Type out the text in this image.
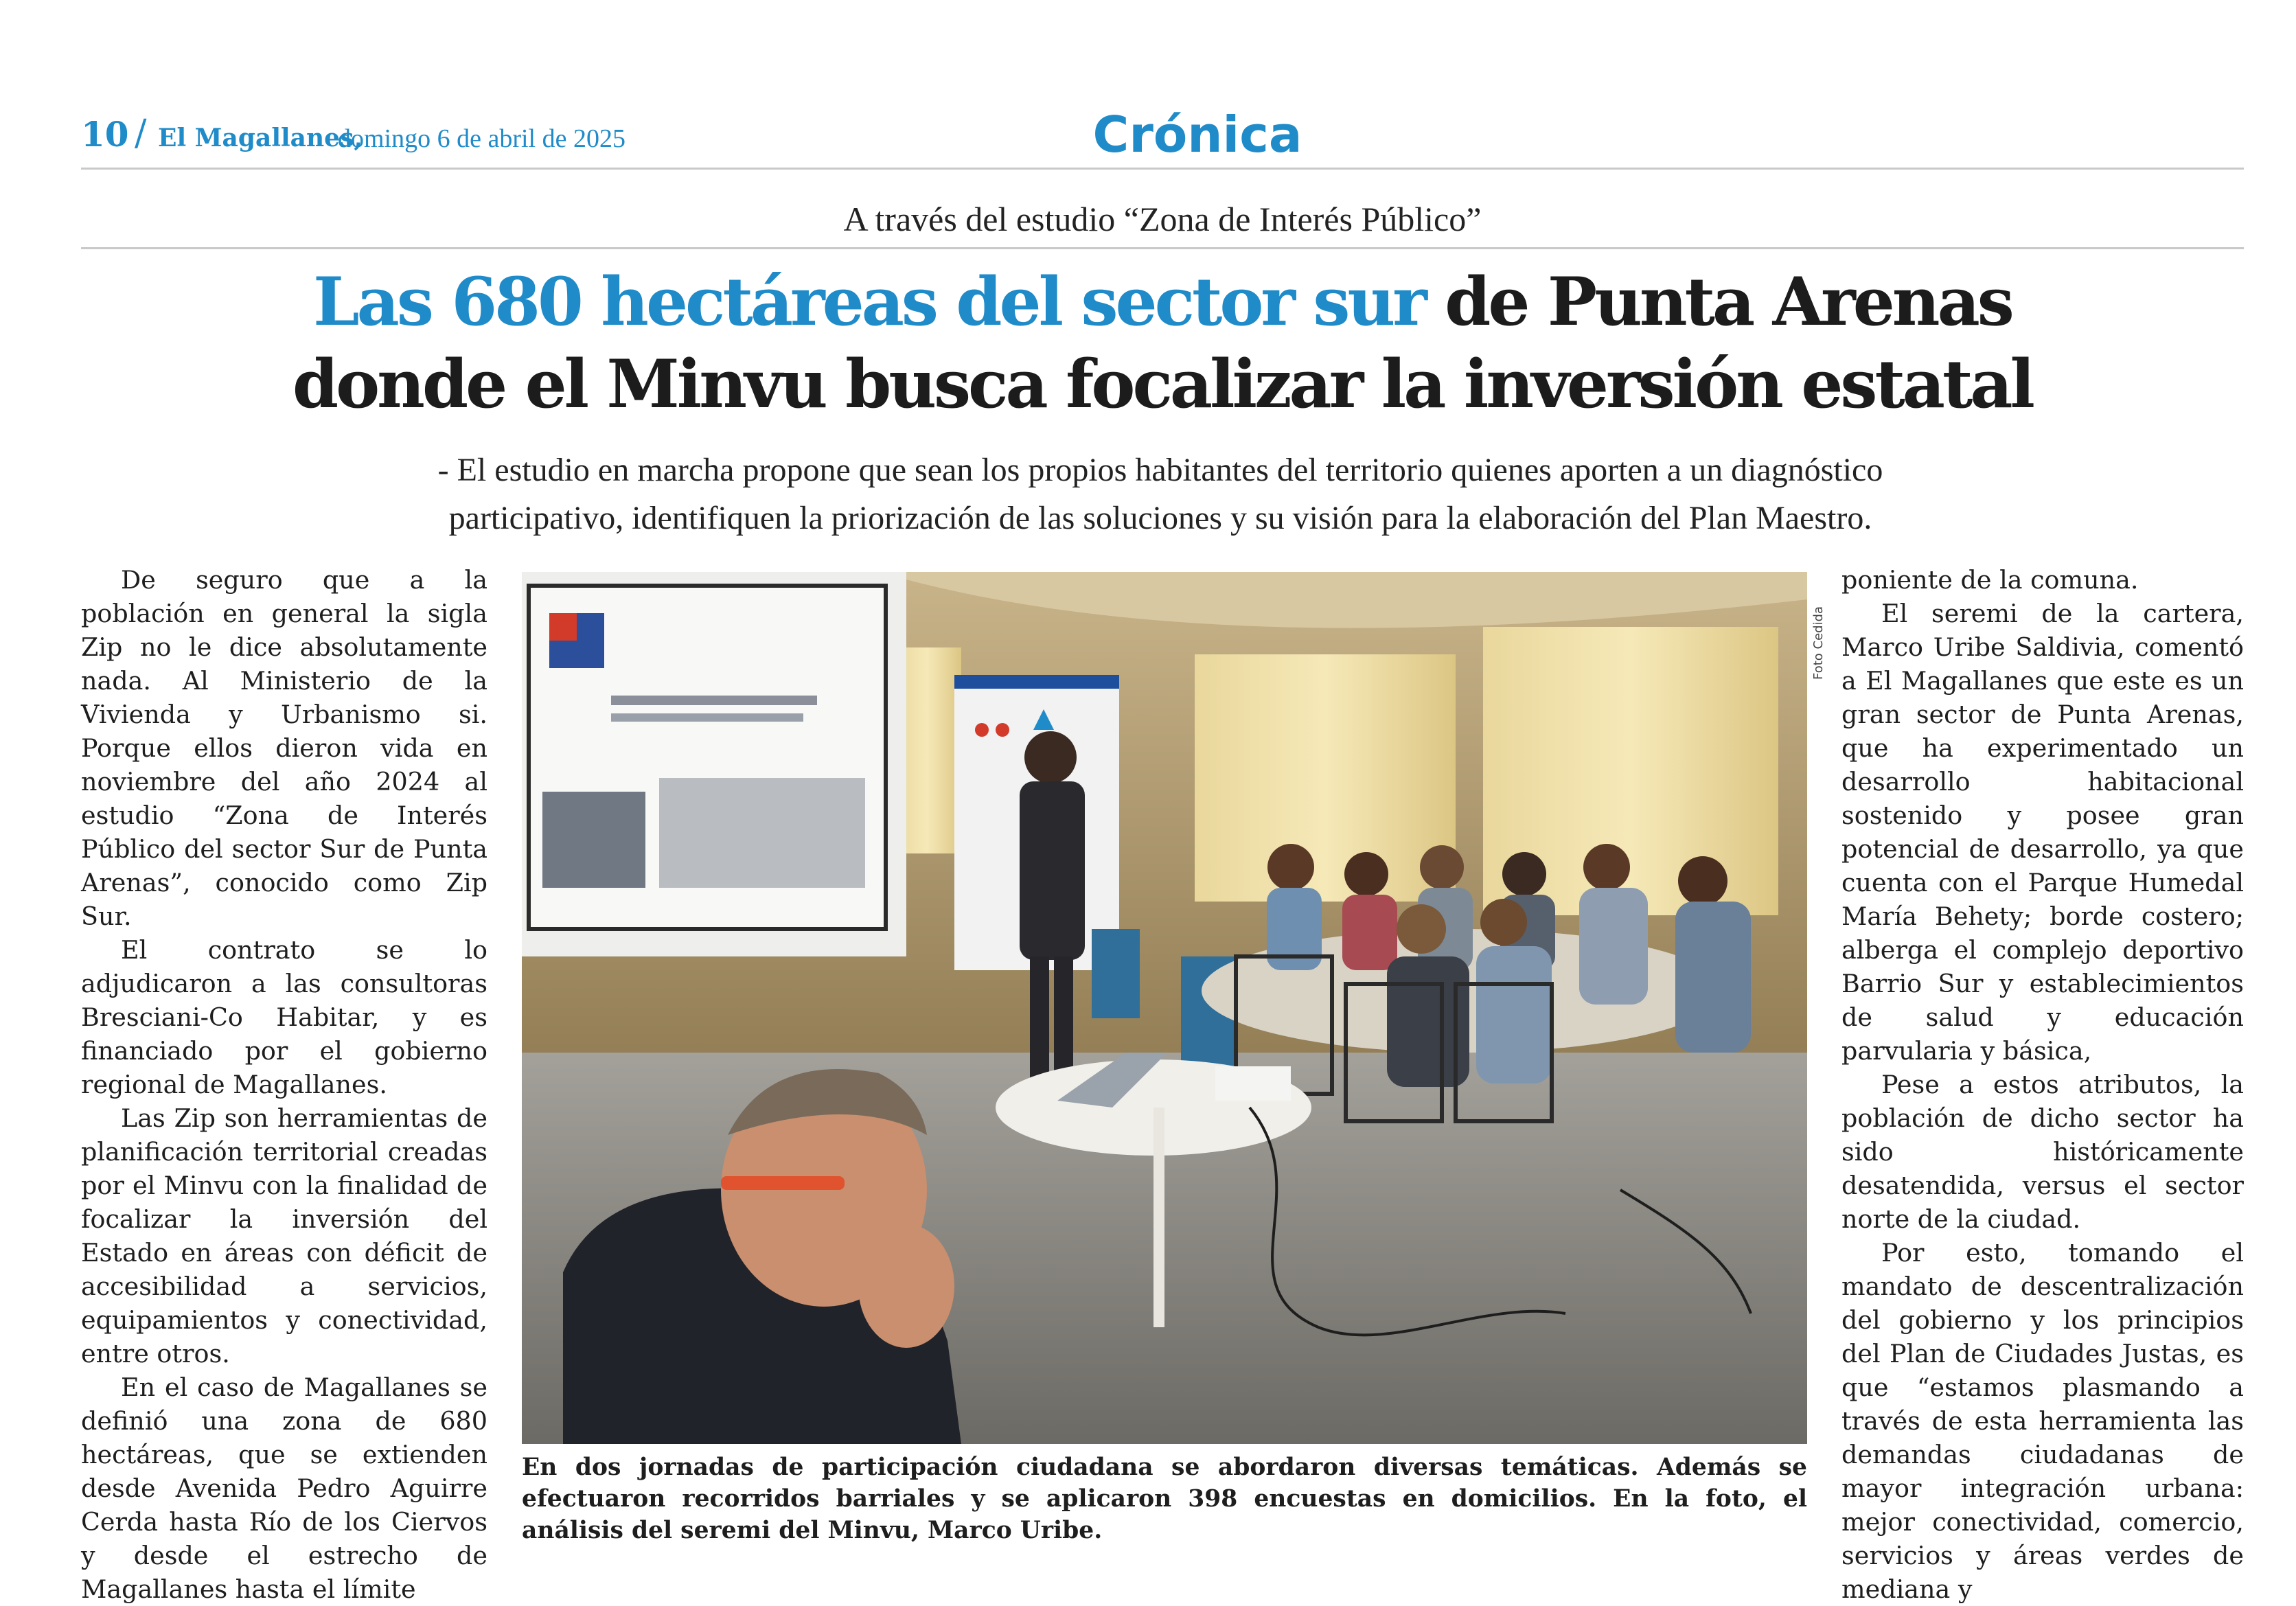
10 / El Magallanes,
domingo 6 de abril de 2025	Crónica
A través del estudio “Zona de Interés Público”
Las 680 hectáreas del sector sur de Punta Arenas
donde el Minvu busca focalizar la inversión estatal
- El estudio en marcha propone que sean los propios habitantes del territorio quienes aporten a un diagnóstico
participativo, identifiquen la priorización de las soluciones y su visión para la elaboración del Plan Maestro.

De seguro que a la población en general la sigla Zip no le dice absolutamente nada. Al Ministerio de la Vivienda y Urbanismo si. Porque ellos dieron vida en noviembre del año 2024 al estudio “Zona de Interés Público del sector Sur de Punta Arenas”, conocido como Zip Sur.

El contrato se lo adjudicaron a las consultoras Bresciani-Co Habitar, y es financiado por el gobierno regional de Magallanes.

Las Zip son herramientas de planificación territorial creadas por el Minvu con la finalidad de focalizar la inversión del Estado en áreas con déficit de accesibilidad a servicios, equipamientos y conectividad, entre otros.

En el caso de Magallanes se definió una zona de 680 hectáreas, que se extienden desde Avenida Pedro Aguirre Cerda hasta Río de los Ciervos y desde el estrecho de Magallanes hasta el límite

Foto Cedida
En dos jornadas de participación ciudadana se abordaron diversas temáticas. Además se efectuaron recorridos barriales y se aplicaron 398 encuestas en domicilios. En la foto, el análisis del seremi del Minvu, Marco Uribe.

poniente de la comuna.

El seremi de la cartera, Marco Uribe Saldivia, comentó a El Magallanes que este es un gran sector de Punta Arenas, que ha experimentado un desarrollo habitacional sostenido y posee gran potencial de desarrollo, ya que cuenta con el Parque Humedal María Behety; borde costero; alberga el complejo deportivo Barrio Sur y establecimientos de salud y educación parvularia y básica,

Pese a estos atributos, la población de dicho sector ha sido históricamente desatendida, versus el sector norte de la ciudad.

Por esto, tomando el mandato de descentralización del gobierno y los principios del Plan de Ciudades Justas, es que “estamos plasmando a través de esta herramienta las demandas ciudadanas de mayor integración urbana: mejor conectividad, comercio, servicios y áreas verdes de mediana y
